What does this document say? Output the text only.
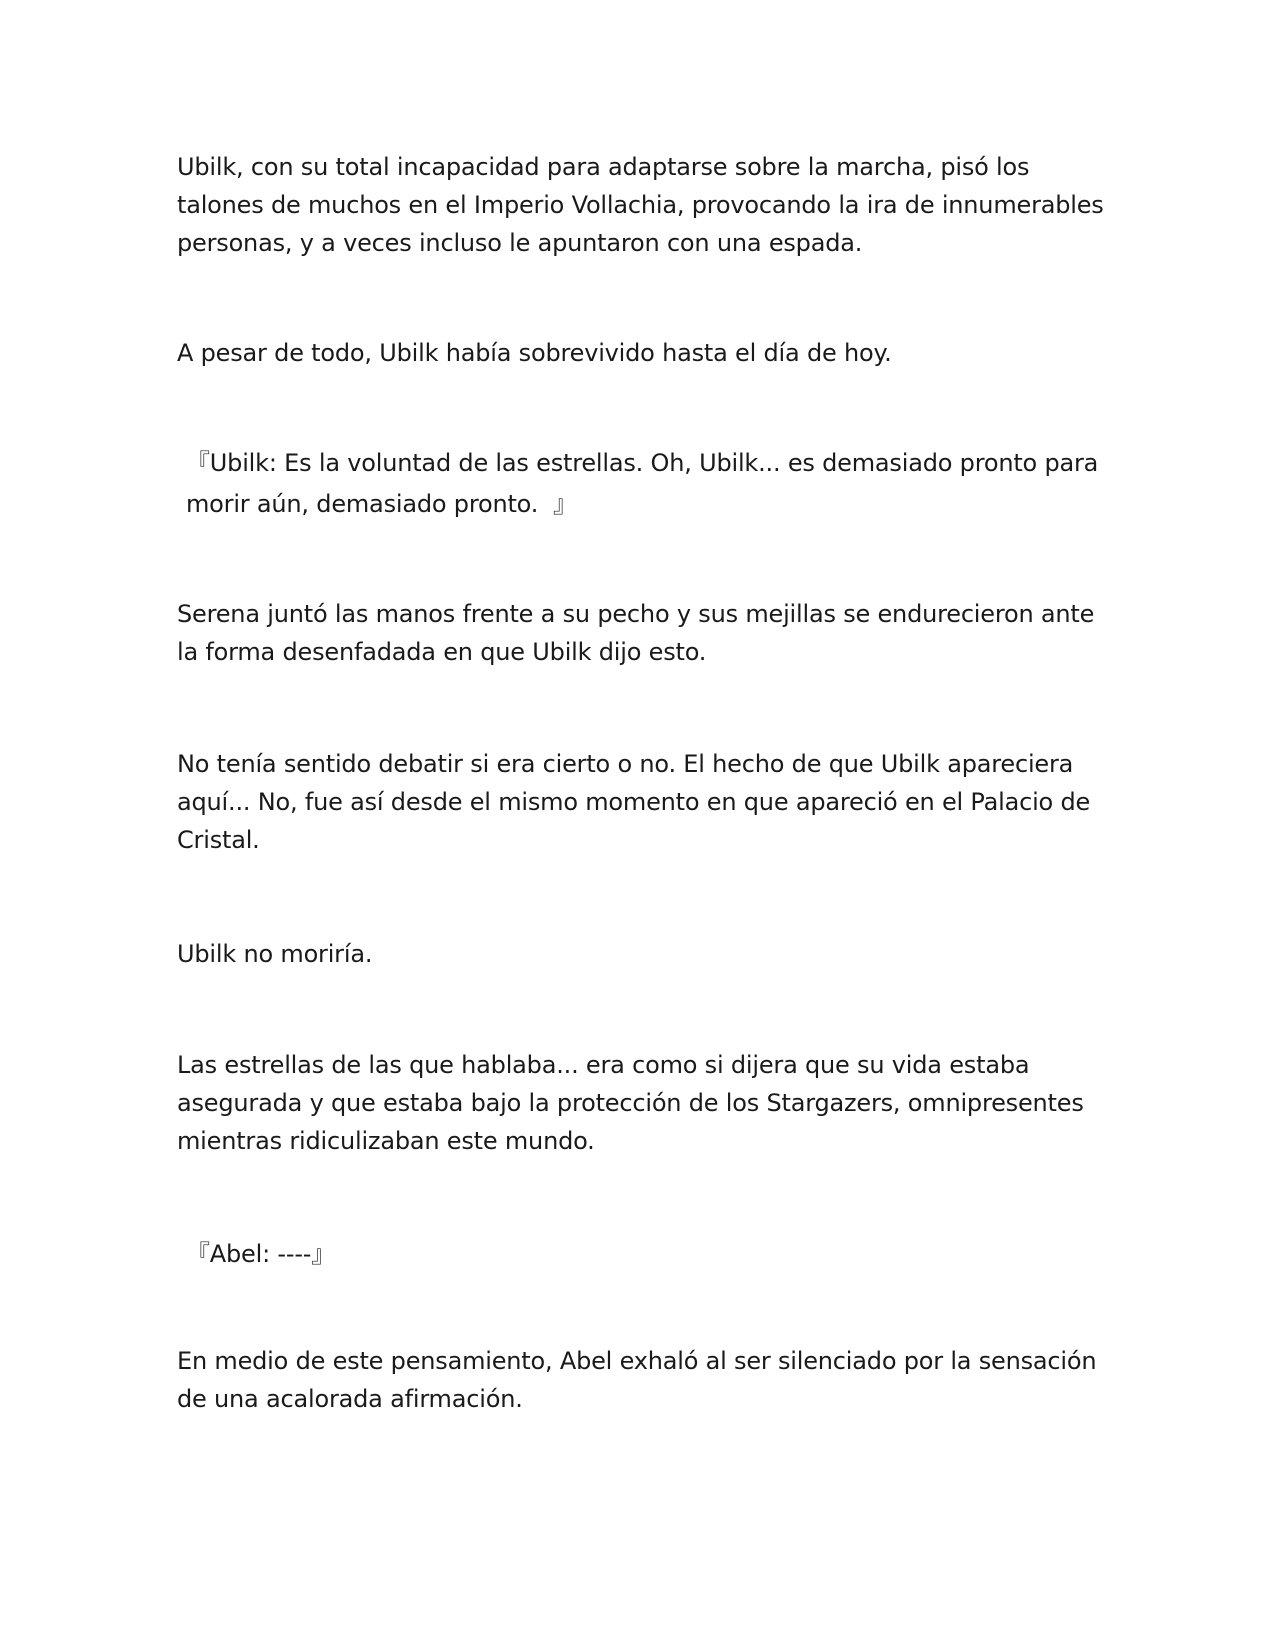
Ubilk, con su total incapacidad para adaptarse sobre la marcha, pisó los talones de muchos en el Imperio Vollachia, provocando la ira de innumerables personas, y a veces incluso le apuntaron con una espada.

A pesar de todo, Ubilk había sobrevivido hasta el día de hoy.

『Ubilk: Es la voluntad de las estrellas. Oh, Ubilk... es demasiado pronto para morir aún, demasiado pronto.  』

Serena juntó las manos frente a su pecho y sus mejillas se endurecieron ante la forma desenfadada en que Ubilk dijo esto.

No tenía sentido debatir si era cierto o no. El hecho de que Ubilk apareciera aquí... No, fue así desde el mismo momento en que apareció en el Palacio de Cristal.

Ubilk no moriría.

Las estrellas de las que hablaba... era como si dijera que su vida estaba asegurada y que estaba bajo la protección de los Stargazers, omnipresentes mientras ridiculizaban este mundo.

『Abel: ----』

En medio de este pensamiento, Abel exhaló al ser silenciado por la sensación de una acalorada afirmación.
